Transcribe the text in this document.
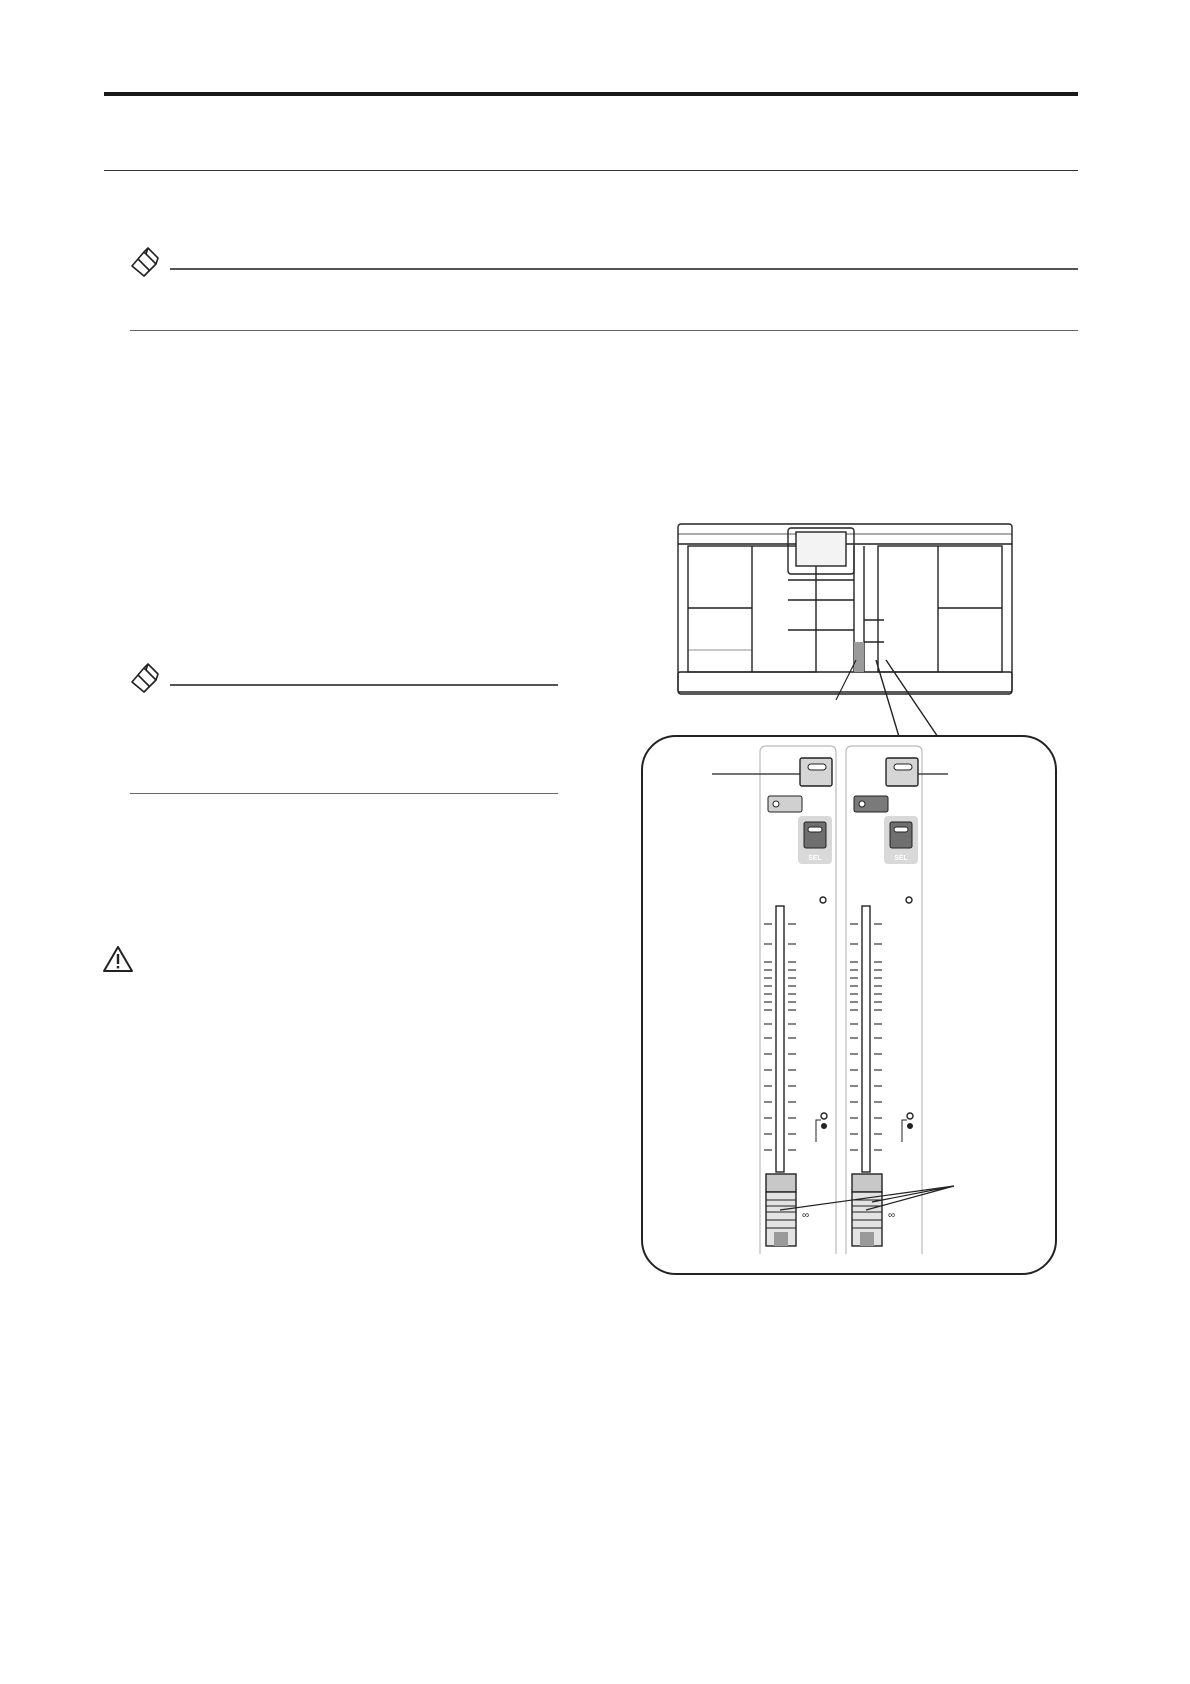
SEL
∞
SEL
∞
